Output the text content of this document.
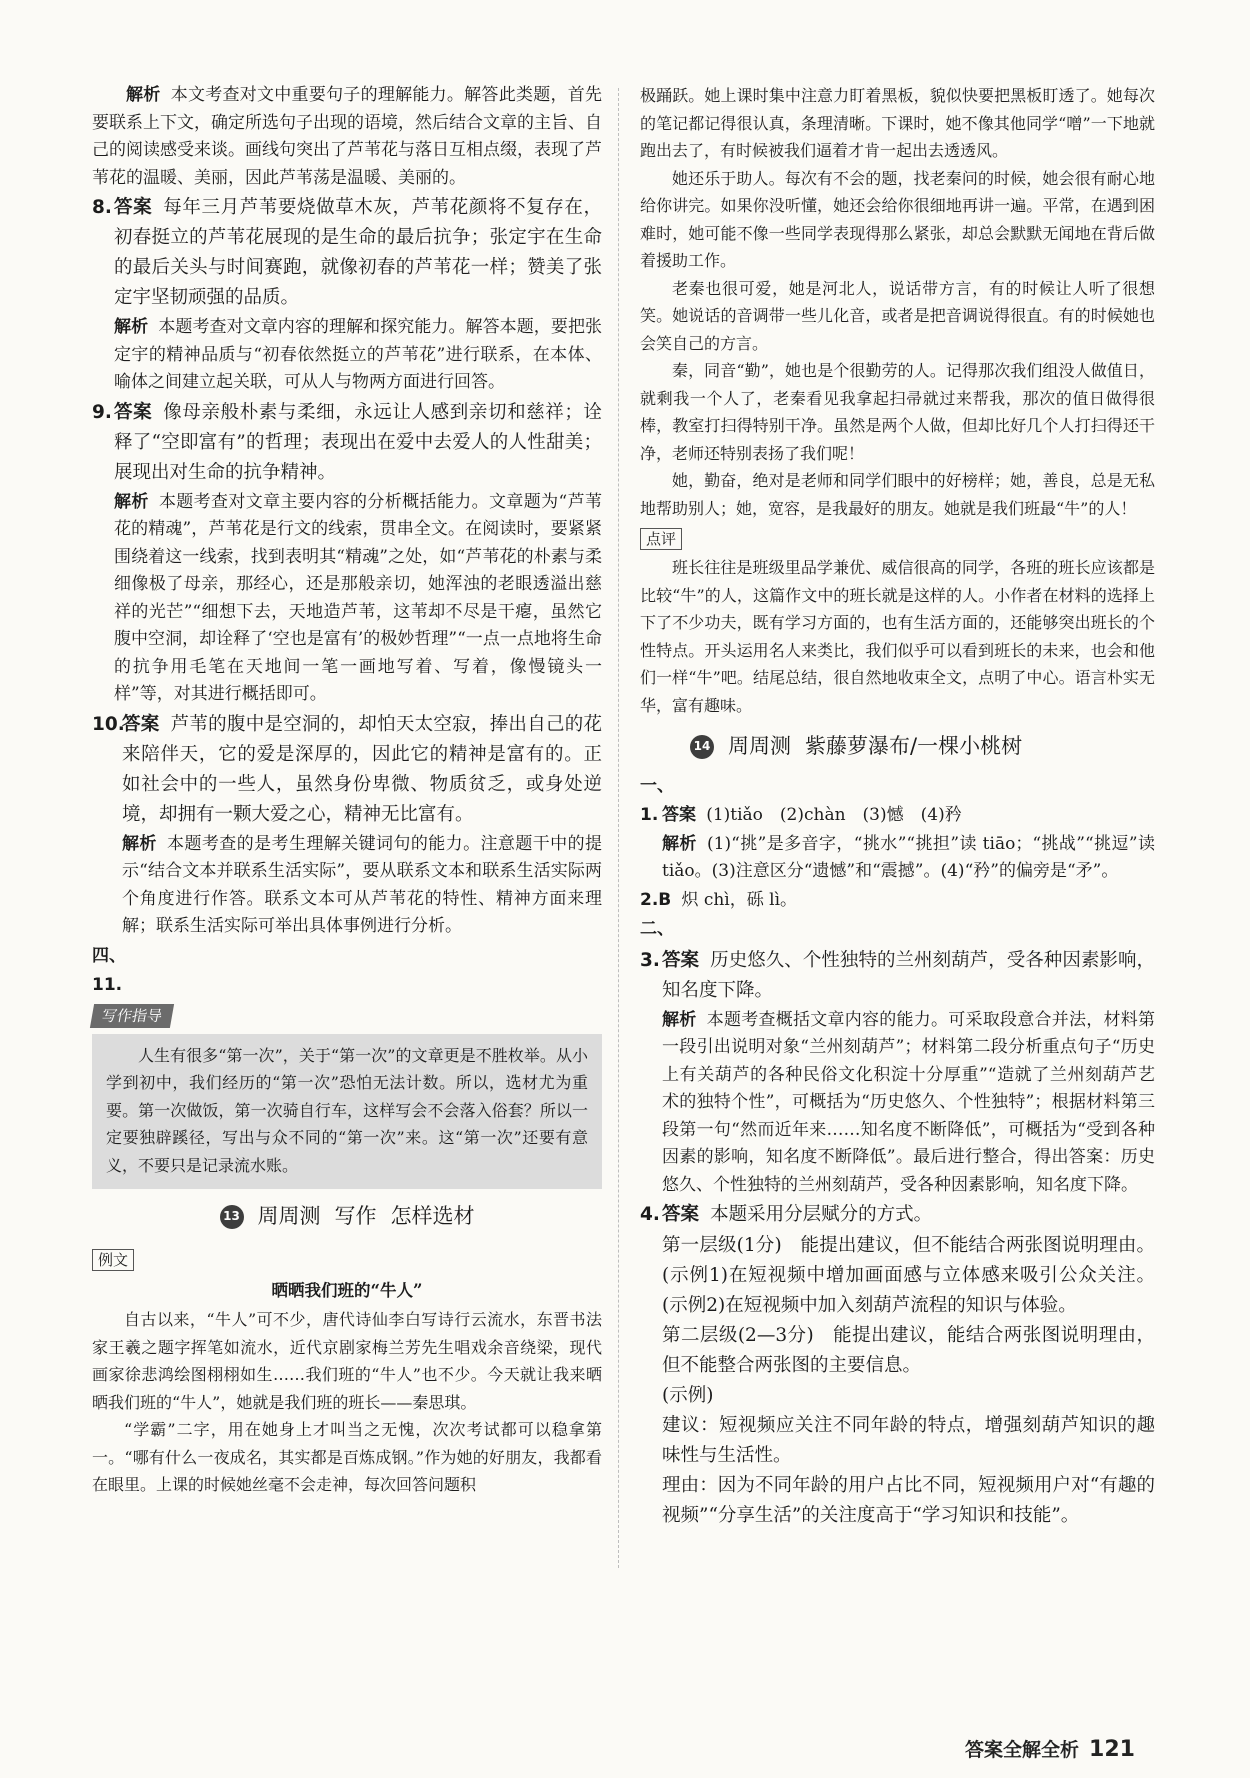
解析 本文考查对文中重要句子的理解能力。解答此类题，首先要联系上下文，确定所选句子出现的语境，然后结合文章的主旨、自己的阅读感受来谈。画线句突出了芦苇花与落日互相点缀，表现了芦苇花的温暖、美丽，因此芦苇荡是温暖、美丽的。

8. 答案 每年三月芦苇要烧做草木灰，芦苇花颜将不复存在，初春挺立的芦苇花展现的是生命的最后抗争；张定宇在生命的最后关头与时间赛跑，就像初春的芦苇花一样；赞美了张定宇坚韧顽强的品质。

解析 本题考查对文章内容的理解和探究能力。解答本题，要把张定宇的精神品质与“初春依然挺立的芦苇花”进行联系，在本体、喻体之间建立起关联，可从人与物两方面进行回答。

9. 答案 像母亲般朴素与柔细，永远让人感到亲切和慈祥；诠释了“空即富有”的哲理；表现出在爱中去爱人的人性甜美；展现出对生命的抗争精神。

解析 本题考查对文章主要内容的分析概括能力。文章题为“芦苇花的精魂”，芦苇花是行文的线索，贯串全文。在阅读时，要紧紧围绕着这一线索，找到表明其“精魂”之处，如“芦苇花的朴素与柔细像极了母亲，那经心，还是那般亲切，她浑浊的老眼透溢出慈祥的光芒”“细想下去，天地造芦苇，这苇却不尽是干瘪，虽然它腹中空洞，却诠释了‘空也是富有’的极妙哲理”“一点一点地将生命的抗争用毛笔在天地间一笔一画地写着、写着，像慢镜头一样”等，对其进行概括即可。

10.

答案 芦苇的腹中是空洞的，却怕天太空寂，捧出自己的花来陪伴天，它的爱是深厚的，因此它的精神是富有的。正如社会中的一些人，虽然身份卑微、物质贫乏，或身处逆境，却拥有一颗大爱之心，精神无比富有。

解析 本题考查的是考生理解关键词句的能力。注意题干中的提示“结合文本并联系生活实际”，要从联系文本和联系生活实际两个角度进行作答。联系文本可从芦苇花的特性、精神方面来理解；联系生活实际可举出具体事例进行分析。

四、
11.
写作指导

人生有很多“第一次”，关于“第一次”的文章更是不胜枚举。从小学到初中，我们经历的“第一次”恐怕无法计数。所以，选材尤为重要。第一次做饭，第一次骑自行车，这样写会不会落入俗套？所以一定要独辟蹊径，写出与众不同的“第一次”来。这“第一次”还要有意义，不要只是记录流水账。

13 周周测 写作 怎样选材
例文
晒晒我们班的“牛人”

自古以来，“牛人”可不少，唐代诗仙李白写诗行云流水，东晋书法家王羲之题字挥笔如流水，近代京剧家梅兰芳先生唱戏余音绕梁，现代画家徐悲鸿绘图栩栩如生……我们班的“牛人”也不少。今天就让我来晒晒我们班的“牛人”，她就是我们班的班长——秦思琪。

“学霸”二字，用在她身上才叫当之无愧，次次考试都可以稳拿第一。“哪有什么一夜成名，其实都是百炼成钢。”作为她的好朋友，我都看在眼里。上课的时候她丝毫不会走神，每次回答问题积

极踊跃。她上课时集中注意力盯着黑板，貌似快要把黑板盯透了。她每次的笔记都记得很认真，条理清晰。下课时，她不像其他同学“噌”一下地就跑出去了，有时候被我们逼着才肯一起出去透透风。

她还乐于助人。每次有不会的题，找老秦问的时候，她会很有耐心地给你讲完。如果你没听懂，她还会给你很细地再讲一遍。平常，在遇到困难时，她可能不像一些同学表现得那么紧张，却总会默默无闻地在背后做着援助工作。

老秦也很可爱，她是河北人，说话带方言，有的时候让人听了很想笑。她说话的音调带一些儿化音，或者是把音调说得很直。有的时候她也会笑自己的方言。

秦，同音“勤”，她也是个很勤劳的人。记得那次我们组没人做值日，就剩我一个人了，老秦看见我拿起扫帚就过来帮我，那次的值日做得很棒，教室打扫得特别干净。虽然是两个人做，但却比好几个人打扫得还干净，老师还特别表扬了我们呢！

她，勤奋，绝对是老师和同学们眼中的好榜样；她，善良，总是无私地帮助别人；她，宽容，是我最好的朋友。她就是我们班最“牛”的人！

点评

班长往往是班级里品学兼优、威信很高的同学，各班的班长应该都是比较“牛”的人，这篇作文中的班长就是这样的人。小作者在材料的选择上下了不少功夫，既有学习方面的，也有生活方面的，还能够突出班长的个性特点。开头运用名人来类比，我们似乎可以看到班长的未来，也会和他们一样“牛”吧。结尾总结，很自然地收束全文，点明了中心。语言朴实无华，富有趣味。

14 周周测 紫藤萝瀑布/一棵小桃树
一、
1. 答案 (1)tiǎo　(2)chàn　(3)憾　(4)矜

解析 (1)“挑”是多音字，“挑水”“挑担”读 tiāo；“挑战”“挑逗”读 tiǎo。(3)注意区分“遗憾”和“震撼”。(4)“矜”的偏旁是“矛”。

2.B 炽 chì，砾 lì。

二、
3. 答案 历史悠久、个性独特的兰州刻葫芦，受各种因素影响，知名度下降。

解析 本题考查概括文章内容的能力。可采取段意合并法，材料第一段引出说明对象“兰州刻葫芦”；材料第二段分析重点句子“历史上有关葫芦的各种民俗文化积淀十分厚重”“造就了兰州刻葫芦艺术的独特个性”，可概括为“历史悠久、个性独特”；根据材料第三段第一句“然而近年来……知名度不断降低”，可概括为“受到各种因素的影响，知名度不断降低”。最后进行整合，得出答案：历史悠久、个性独特的兰州刻葫芦，受各种因素影响，知名度下降。

4. 答案 本题采用分层赋分的方式。

第一层级(1分)　能提出建议，但不能结合两张图说明理由。(示例1)在短视频中增加画面感与立体感来吸引公众关注。(示例2)在短视频中加入刻葫芦流程的知识与体验。

第二层级(2—3分)　能提出建议，能结合两张图说明理由，但不能整合两张图的主要信息。

(示例)

建议：短视频应关注不同年龄的特点，增强刻葫芦知识的趣味性与生活性。

理由：因为不同年龄的用户占比不同，短视频用户对“有趣的视频”“分享生活”的关注度高于“学习知识和技能”。

答案全解全析 121
